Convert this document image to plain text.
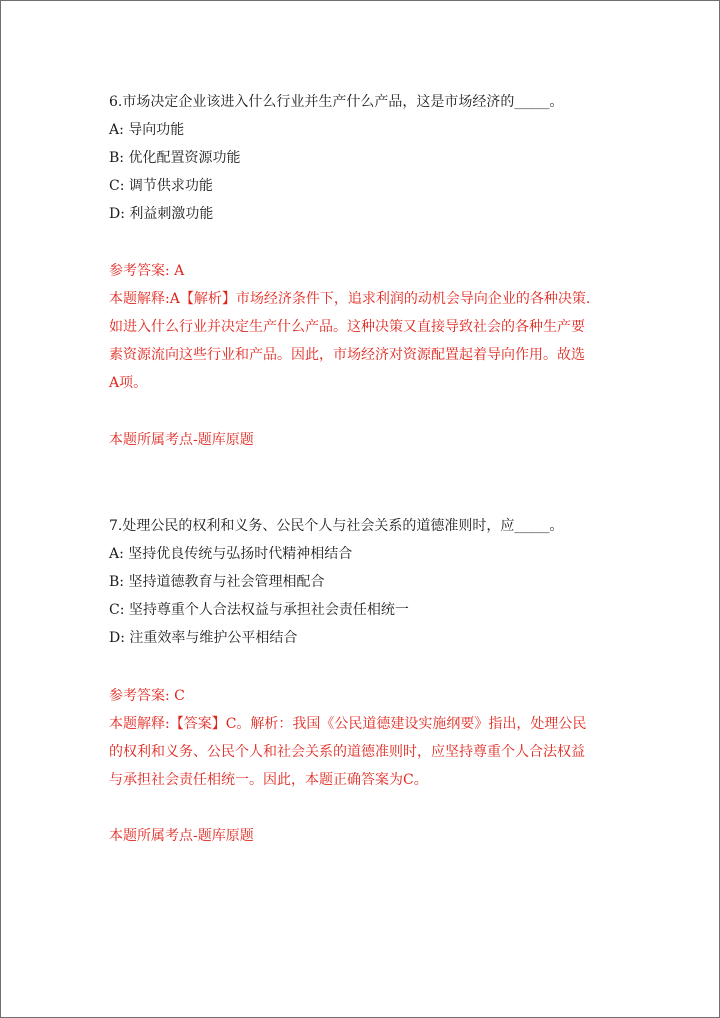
6.市场决定企业该进入什么行业并生产什么产品，这是市场经济的_____。
A: 导向功能
B: 优化配置资源功能
C: 调节供求功能
D: 利益刺激功能
参考答案: A
本题解释:A【解析】市场经济条件下，追求利润的动机会导向企业的各种决策.
如进入什么行业并决定生产什么产品。这种决策又直接导致社会的各种生产要
素资源流向这些行业和产品。因此，市场经济对资源配置起着导向作用。故选
A项。
本题所属考点-题库原题
7.处理公民的权利和义务、公民个人与社会关系的道德准则时，应_____。
A: 坚持优良传统与弘扬时代精神相结合
B: 坚持道德教育与社会管理相配合
C: 坚持尊重个人合法权益与承担社会责任相统一
D: 注重效率与维护公平相结合
参考答案: C
本题解释:【答案】C。解析：我国《公民道德建设实施纲要》指出，处理公民
的权利和义务、公民个人和社会关系的道德准则时，应坚持尊重个人合法权益
与承担社会责任相统一。因此，本题正确答案为C。
本题所属考点-题库原题
